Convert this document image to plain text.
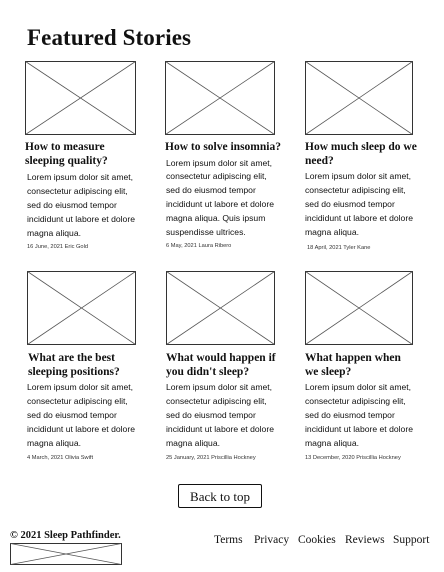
Featured Stories
How to measure sleeping quality?

Lorem ipsum dolor sit amet, consectetur adipiscing elit, sed do eiusmod tempor incididunt ut labore et dolore magna aliqua.

16 June, 2021 Eric Gold

How to solve insomnia?

Lorem ipsum dolor sit amet, consectetur adipiscing elit, sed do eiusmod tempor incididunt ut labore et dolore magna aliqua. Quis ipsum suspendisse ultrices.

6 May, 2021 Laura Ribero

How much sleep do we need?

Lorem ipsum dolor sit amet, consectetur adipiscing elit, sed do eiusmod tempor incididunt ut labore et dolore magna aliqua.

18 April, 2021 Tyler Kane

What are the best sleeping positions?

Lorem ipsum dolor sit amet, consectetur adipiscing elit, sed do eiusmod tempor incididunt ut labore et dolore magna aliqua.

4 March, 2021 Olivia Swift

What would happen if you didn't sleep?

Lorem ipsum dolor sit amet, consectetur adipiscing elit, sed do eiusmod tempor incididunt ut labore et dolore magna aliqua.

25 January, 2021 Priscillia Hockney

What happen when we sleep?

Lorem ipsum dolor sit amet, consectetur adipiscing elit, sed do eiusmod tempor incididunt ut labore et dolore magna aliqua.

13 December, 2020 Priscillia Hockney

Back to top

© 2021 Sleep Pathfinder.	Terms Privacy Cookies Reviews Support
